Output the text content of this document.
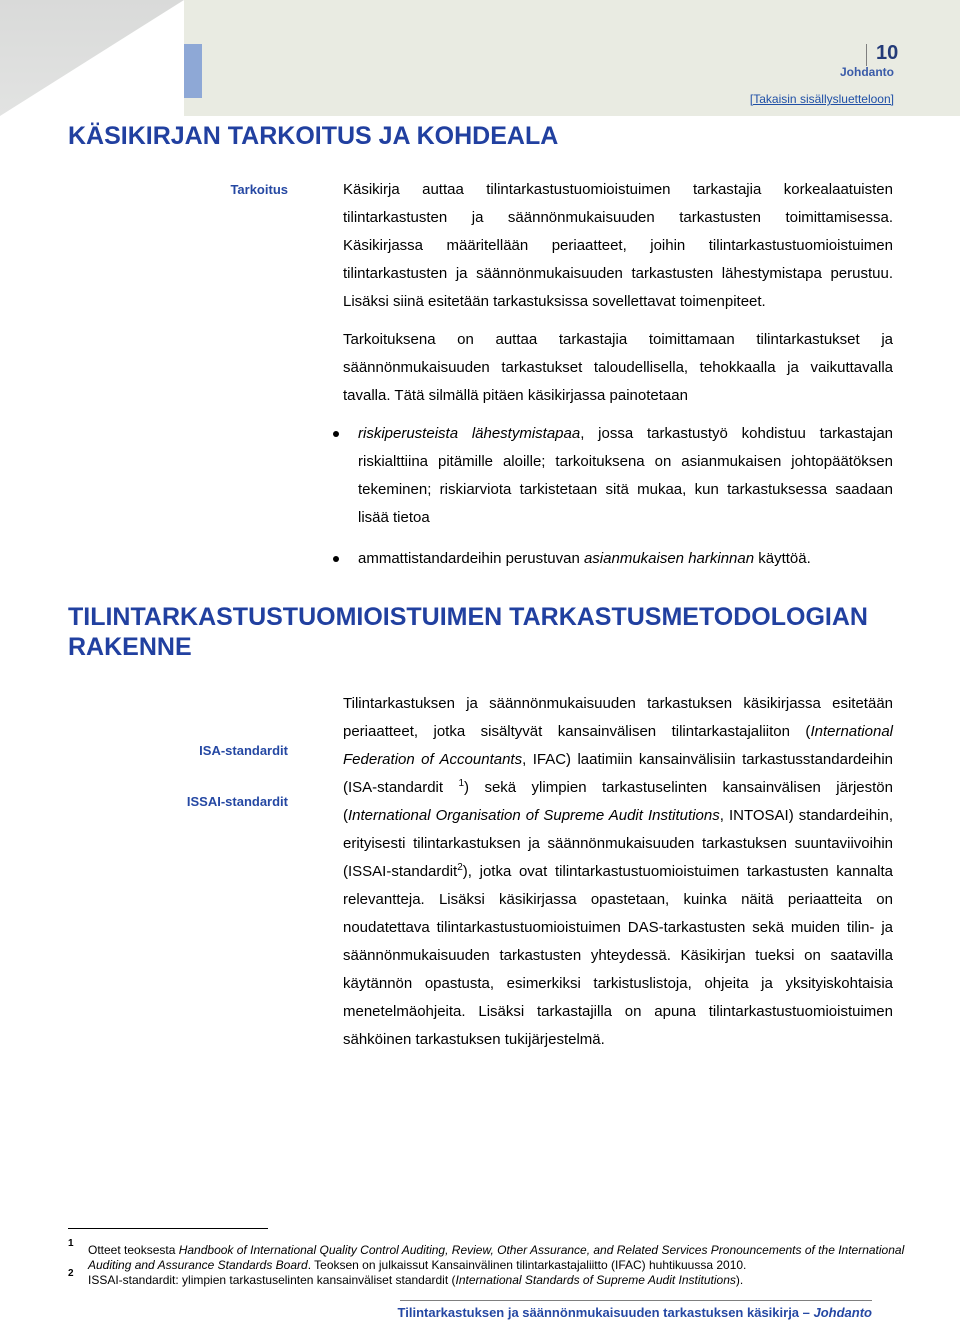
10
Johdanto
[Takaisin sisällysluetteloon]
KÄSIKIRJAN TARKOITUS JA KOHDEALA
Tarkoitus	Käsikirja auttaa tilintarkastustuomioistuimen tarkastajia korkealaatuisten tilintarkastusten ja säännönmukaisuuden tarkastusten toimittamisessa. Käsikirjassa määritellään periaatteet, joihin tilintarkastustuomioistuimen tilintarkastusten ja säännönmukaisuuden tarkastusten lähestymistapa perustuu. Lisäksi siinä esitetään tarkastuksissa sovellettavat toimenpiteet.
Tarkoituksena on auttaa tarkastajia toimittamaan tilintarkastukset ja säännönmukaisuuden tarkastukset taloudellisella, tehokkaalla ja vaikuttavalla tavalla. Tätä silmällä pitäen käsikirjassa painotetaan
riskiperusteista lähestymistapaa, jossa tarkastustyö kohdistuu tarkastajan riskialttiina pitämille aloille; tarkoituksena on asianmukaisen johtopäätöksen tekeminen; riskiarviota tarkistetaan sitä mukaa, kun tarkastuksessa saadaan lisää tietoa
ammattistandardeihin perustuvan asianmukaisen harkinnan käyttöä.
TILINTARKASTUSTUOMIOISTUIMEN TARKASTUSMETODOLOGIAN RAKENNE
ISA-standardit
ISSAI-standardit
Tilintarkastuksen ja säännönmukaisuuden tarkastuksen käsikirjassa esitetään periaatteet, jotka sisältyvät kansainvälisen tilintarkastajaliiton (International Federation of Accountants, IFAC) laatimiin kansainvälisiin tarkastusstandardeihin (ISA-standardit $^1$) sekä ylimpien tarkastuselinten kansainvälisen järjestön (International Organisation of Supreme Audit Institutions, INTOSAI) standardeihin, erityisesti tilintarkastuksen ja säännönmukaisuuden tarkastuksen suuntaviivoihin (ISSAI-standardit$^2$), jotka ovat tilintarkastustuomioistuimen tarkastusten kannalta relevantteja. Lisäksi käsikirjassa opastetaan, kuinka näitä periaatteita on noudatettava tilintarkastustuomioistuimen DAS-tarkastusten sekä muiden tilin- ja säännönmukaisuuden tarkastusten yhteydessä. Käsikirjan tueksi on saatavilla käytännön opastusta, esimerkiksi tarkistuslistoja, ohjeita ja yksityiskohtaisia menetelmäohjeita. Lisäksi tarkastajilla on apuna tilintarkastustuomioistuimen sähköinen tarkastuksen tukijärjestelmä.
1 Otteet teoksesta Handbook of International Quality Control Auditing, Review, Other Assurance, and Related Services Pronouncements of the International Auditing and Assurance Standards Board. Teoksen on julkaissut Kansainvälinen tilintarkastajaliitto (IFAC) huhtikuussa 2010.
2 ISSAI-standardit: ylimpien tarkastuselinten kansainväliset standardit (International Standards of Supreme Audit Institutions).
Tilintarkastuksen ja säännönmukaisuuden tarkastuksen käsikirja – Johdanto
